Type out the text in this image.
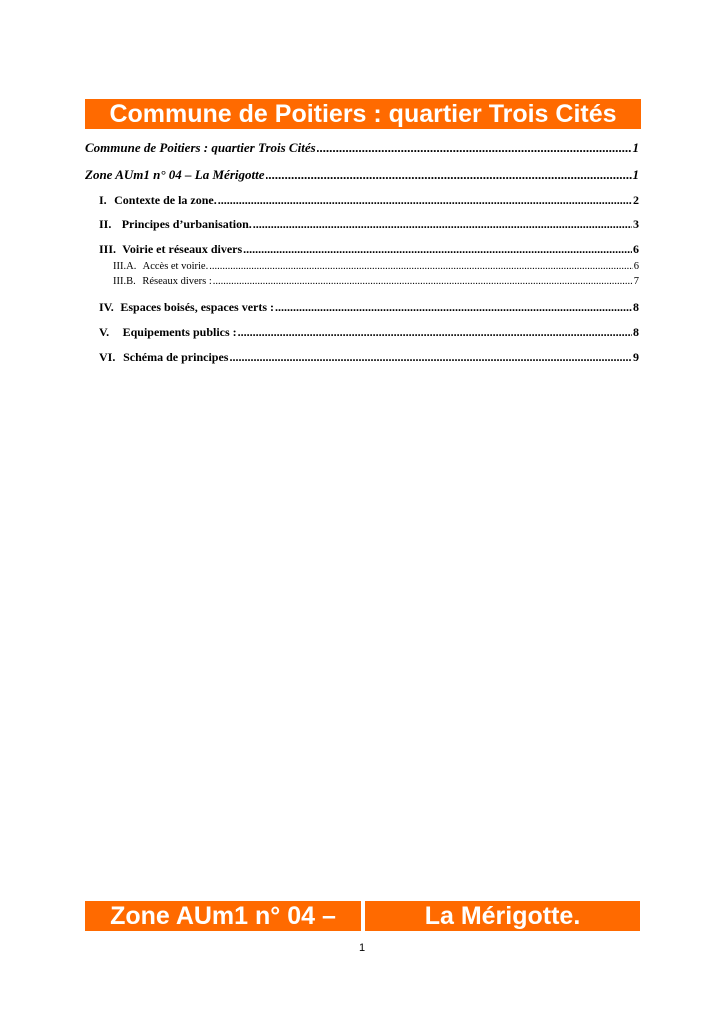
Commune de Poitiers : quartier Trois Cités
Commune de Poitiers : quartier Trois Cités .....	1
Zone AUm1 n° 04 – La Mérigotte .....	1
I. Contexte de la zone. .....	2
II. Principes d’urbanisation. .....	3
III. Voirie et réseaux divers .....	6
III.A. Accès et voirie. .....	6
III.B. Réseaux divers : .....	7
IV. Espaces boisés, espaces verts : .....	8
V.	Equipements publics : .....	8
VI. Schéma de principes .....	9
Zone AUm1 n° 04 –	La Mérigotte.
1
